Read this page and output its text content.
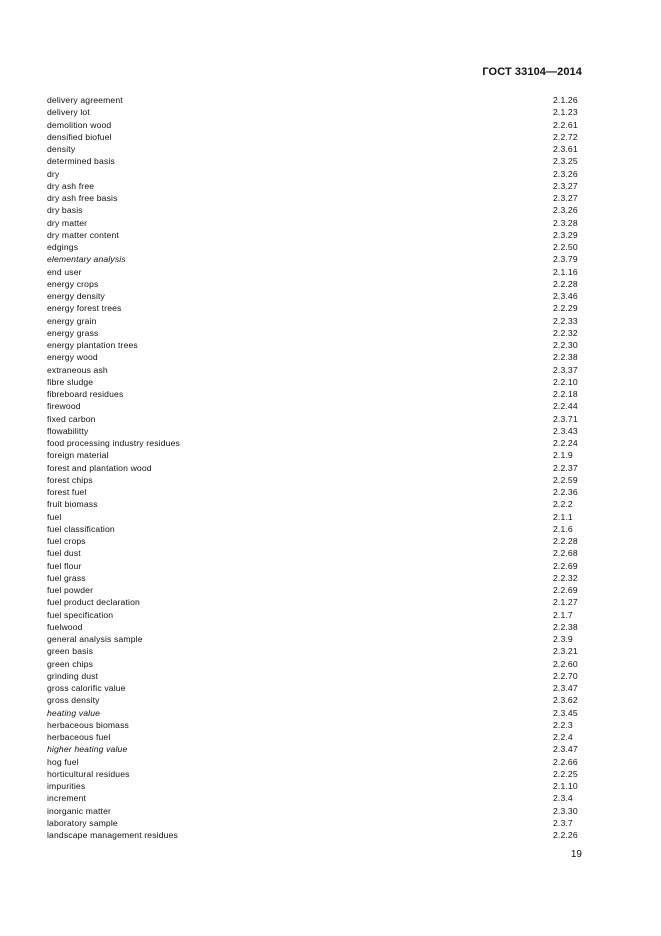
ГОСТ 33104—2014
delivery agreement	2.1.26
delivery lot	2.1.23
demolition wood	2.2.61
densified biofuel	2.2.72
density	2.3.61
determined basis	2.3.25
dry	2.3.26
dry ash free	2.3.27
dry ash free basis	2.3.27
dry basis	2.3.26
dry matter	2.3.28
dry matter content	2.3.29
edgings	2.2.50
elementary analysis	2.3.79
end user	2.1.16
energy crops	2.2.28
energy density	2.3.46
energy forest trees	2.2.29
energy grain	2.2.33
energy grass	2.2.32
energy plantation trees	2.2.30
energy wood	2.2.38
extraneous ash	2.3.37
fibre sludge	2.2.10
fibreboard residues	2.2.18
firewood	2.2.44
fixed carbon	2.3.71
flowabilitty	2.3.43
food processing industry residues	2.2.24
foreign material	2.1.9
forest and plantation wood	2.2.37
forest chips	2.2.59
forest fuel	2.2.36
fruit biomass	2.2.2
fuel	2.1.1
fuel classification	2.1.6
fuel crops	2.2.28
fuel dust	2.2.68
fuel flour	2.2.69
fuel grass	2.2.32
fuel powder	2.2.69
fuel product declaration	2.1.27
fuel specification	2.1.7
fuelwood	2.2.38
general analysis sample	2.3.9
green basis	2.3.21
green chips	2.2.60
grinding dust	2.2.70
gross calorific value	2.3.47
gross density	2.3.62
heating value	2.3.45
herbaceous biomass	2.2.3
herbaceous fuel	2.2.4
higher heating value	2.3.47
hog fuel	2.2.66
horticultural residues	2.2.25
impurities	2.1.10
increment	2.3.4
inorganic matter	2.3.30
laboratory sample	2.3.7
landscape management residues	2.2.26
19
